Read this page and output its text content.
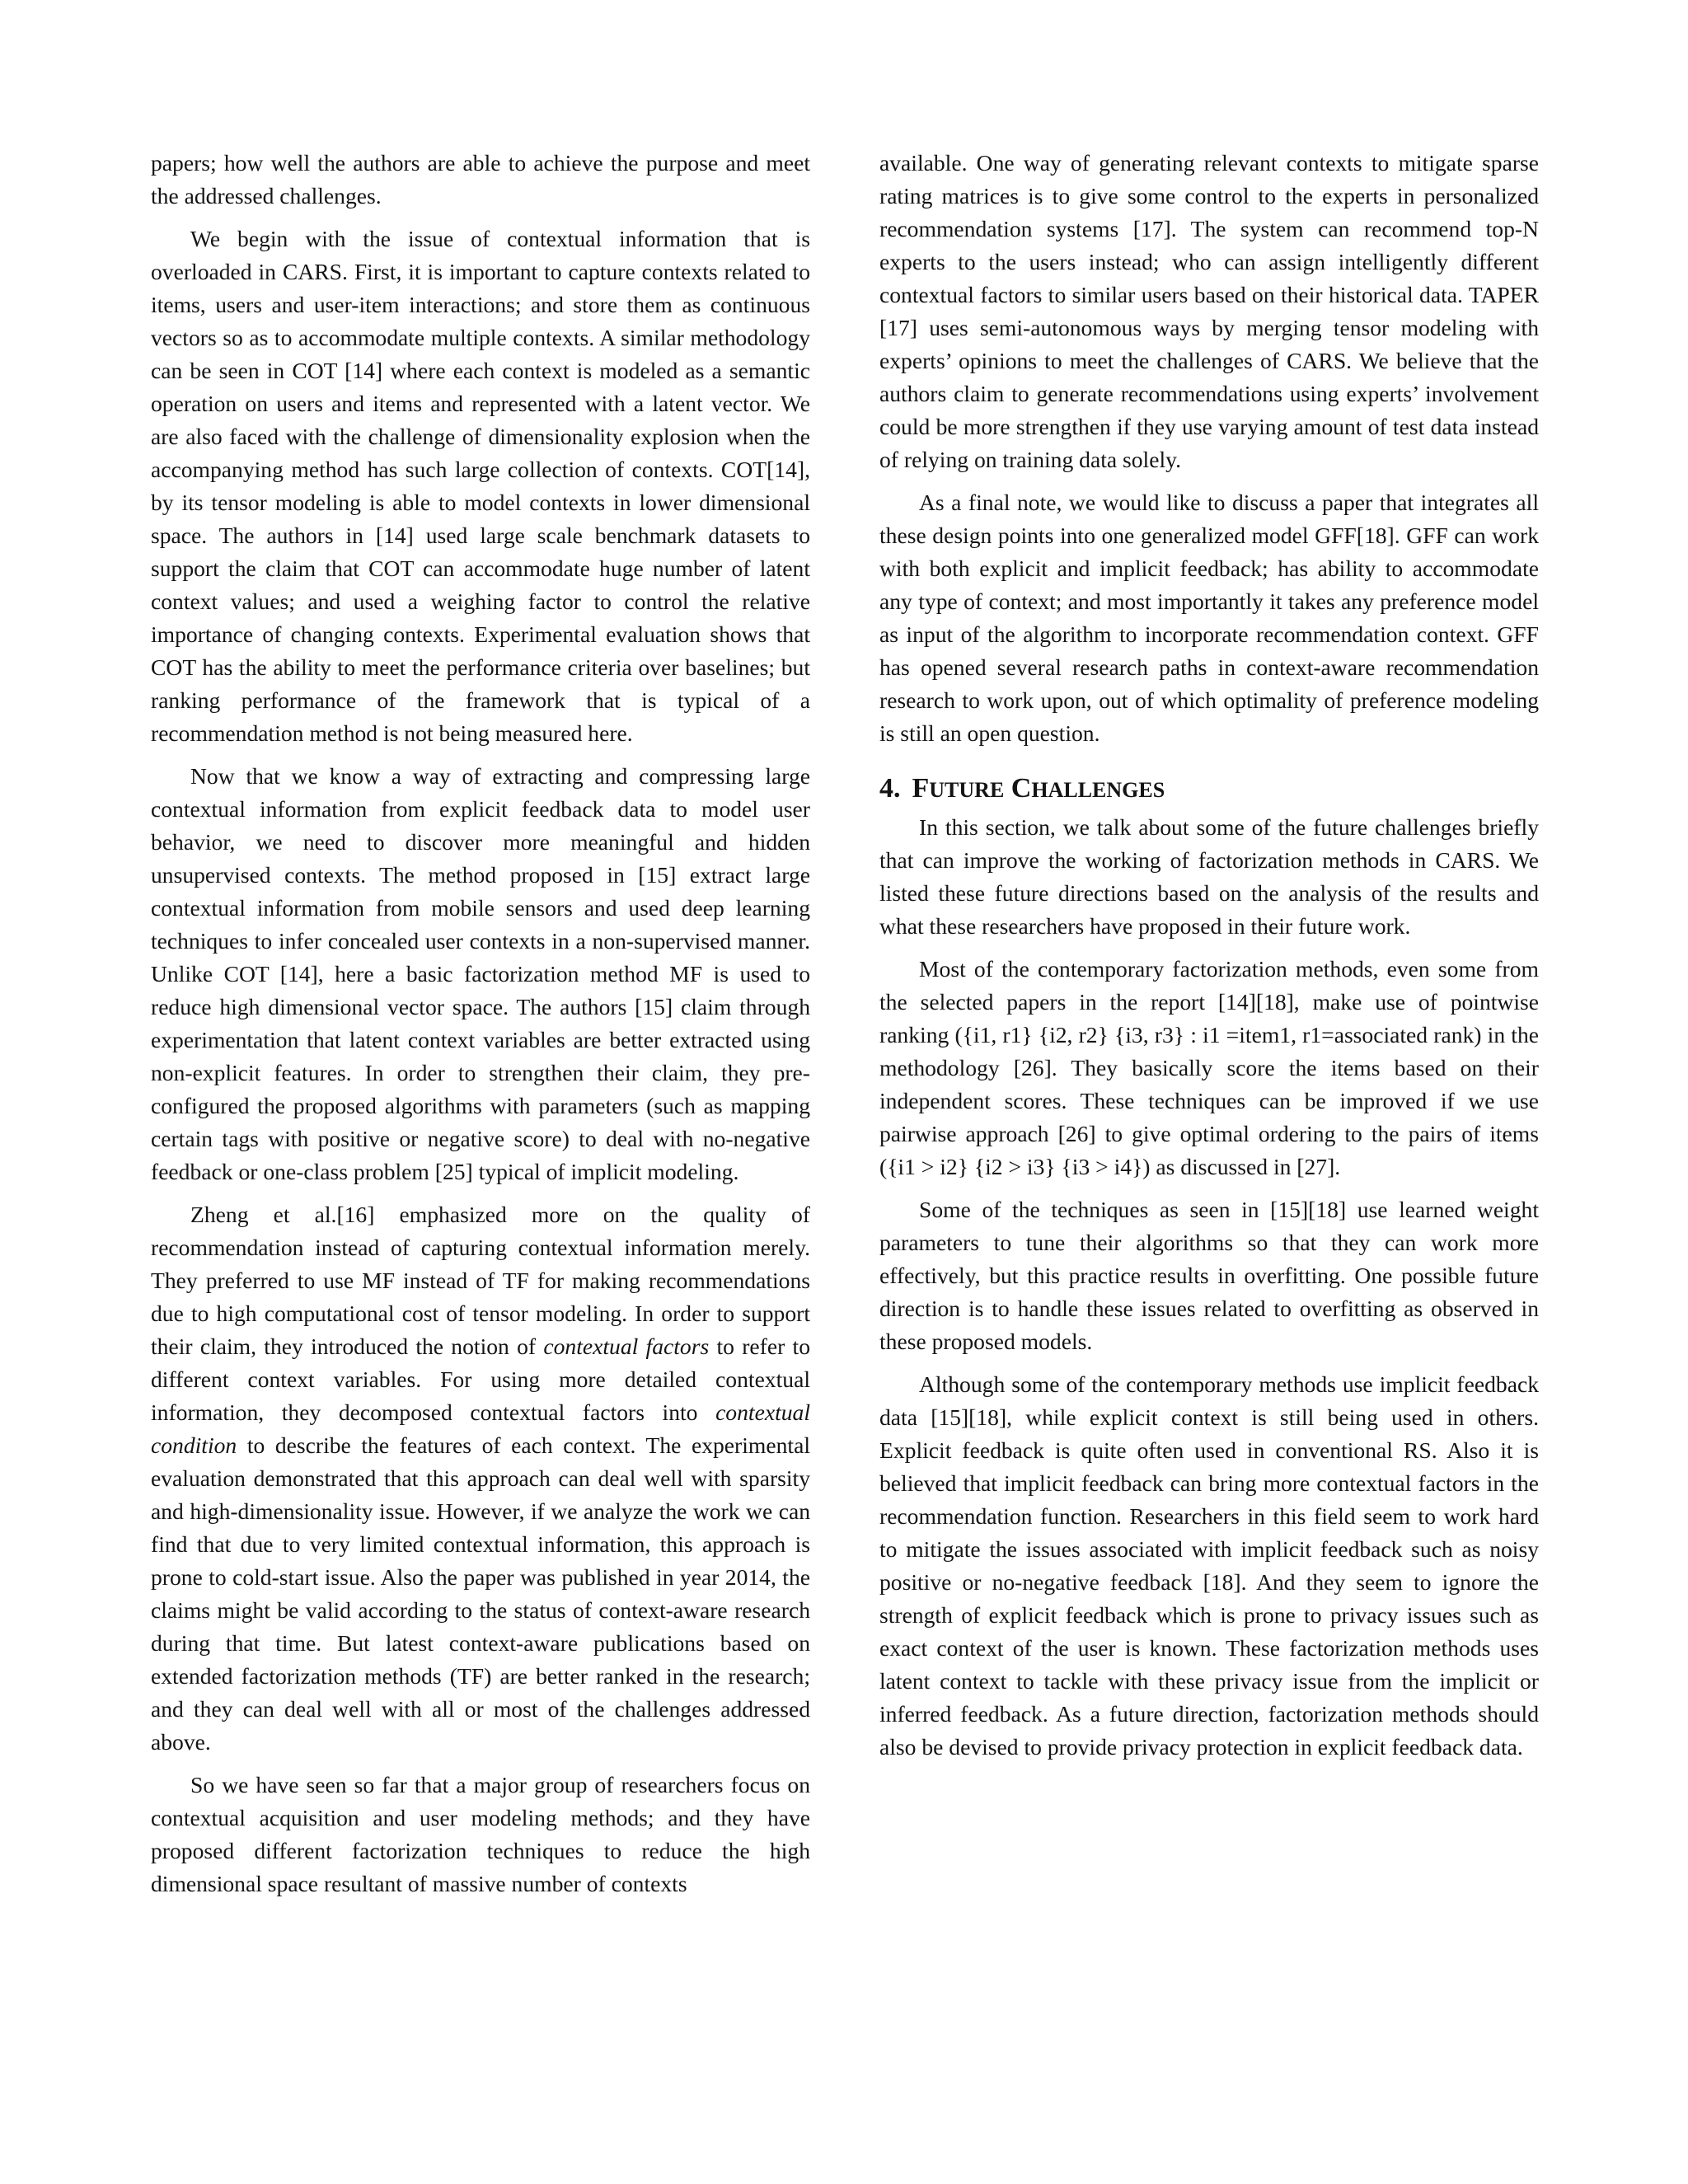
papers; how well the authors are able to achieve the purpose and meet the addressed challenges.

We begin with the issue of contextual information that is overloaded in CARS. First, it is important to capture contexts related to items, users and user-item interactions; and store them as continuous vectors so as to accommodate multiple contexts. A similar methodology can be seen in COT [14] where each context is modeled as a semantic operation on users and items and represented with a latent vector. We are also faced with the challenge of dimensionality explosion when the accompanying method has such large collection of contexts. COT[14], by its tensor modeling is able to model contexts in lower dimensional space. The authors in [14] used large scale benchmark datasets to support the claim that COT can accommodate huge number of latent context values; and used a weighing factor to control the relative importance of changing contexts. Experimental evaluation shows that COT has the ability to meet the performance criteria over baselines; but ranking performance of the framework that is typical of a recommendation method is not being measured here.

Now that we know a way of extracting and compressing large contextual information from explicit feedback data to model user behavior, we need to discover more meaningful and hidden unsupervised contexts. The method proposed in [15] extract large contextual information from mobile sensors and used deep learning techniques to infer concealed user contexts in a non-supervised manner. Unlike COT [14], here a basic factorization method MF is used to reduce high dimensional vector space. The authors [15] claim through experimentation that latent context variables are better extracted using non-explicit features. In order to strengthen their claim, they pre-configured the proposed algorithms with parameters (such as mapping certain tags with positive or negative score) to deal with no-negative feedback or one-class problem [25] typical of implicit modeling.

Zheng et al.[16] emphasized more on the quality of recommendation instead of capturing contextual information merely. They preferred to use MF instead of TF for making recommendations due to high computational cost of tensor modeling. In order to support their claim, they introduced the notion of contextual factors to refer to different context variables. For using more detailed contextual information, they decomposed contextual factors into contextual condition to describe the features of each context. The experimental evaluation demonstrated that this approach can deal well with sparsity and high-dimensionality issue. However, if we analyze the work we can find that due to very limited contextual information, this approach is prone to cold-start issue. Also the paper was published in year 2014, the claims might be valid according to the status of context-aware research during that time. But latest context-aware publications based on extended factorization methods (TF) are better ranked in the research; and they can deal well with all or most of the challenges addressed above.

So we have seen so far that a major group of researchers focus on contextual acquisition and user modeling methods; and they have proposed different factorization techniques to reduce the high dimensional space resultant of massive number of contexts

available. One way of generating relevant contexts to mitigate sparse rating matrices is to give some control to the experts in personalized recommendation systems [17]. The system can recommend top-N experts to the users instead; who can assign intelligently different contextual factors to similar users based on their historical data. TAPER [17] uses semi-autonomous ways by merging tensor modeling with experts’ opinions to meet the challenges of CARS. We believe that the authors claim to generate recommendations using experts’ involvement could be more strengthen if they use varying amount of test data instead of relying on training data solely.

As a final note, we would like to discuss a paper that integrates all these design points into one generalized model GFF[18]. GFF can work with both explicit and implicit feedback; has ability to accommodate any type of context; and most importantly it takes any preference model as input of the algorithm to incorporate recommendation context. GFF has opened several research paths in context-aware recommendation research to work upon, out of which optimality of preference modeling is still an open question.

4. FUTURE CHALLENGES

In this section, we talk about some of the future challenges briefly that can improve the working of factorization methods in CARS. We listed these future directions based on the analysis of the results and what these researchers have proposed in their future work.

Most of the contemporary factorization methods, even some from the selected papers in the report [14][18], make use of pointwise ranking ({i1, r1} {i2, r2} {i3, r3} : i1 =item1, r1=associated rank) in the methodology [26]. They basically score the items based on their independent scores. These techniques can be improved if we use pairwise approach [26] to give optimal ordering to the pairs of items ({i1 > i2} {i2 > i3} {i3 > i4}) as discussed in [27].

Some of the techniques as seen in [15][18] use learned weight parameters to tune their algorithms so that they can work more effectively, but this practice results in overfitting. One possible future direction is to handle these issues related to overfitting as observed in these proposed models.

Although some of the contemporary methods use implicit feedback data [15][18], while explicit context is still being used in others. Explicit feedback is quite often used in conventional RS. Also it is believed that implicit feedback can bring more contextual factors in the recommendation function. Researchers in this field seem to work hard to mitigate the issues associated with implicit feedback such as noisy positive or no-negative feedback [18]. And they seem to ignore the strength of explicit feedback which is prone to privacy issues such as exact context of the user is known. These factorization methods uses latent context to tackle with these privacy issue from the implicit or inferred feedback. As a future direction, factorization methods should also be devised to provide privacy protection in explicit feedback data.
